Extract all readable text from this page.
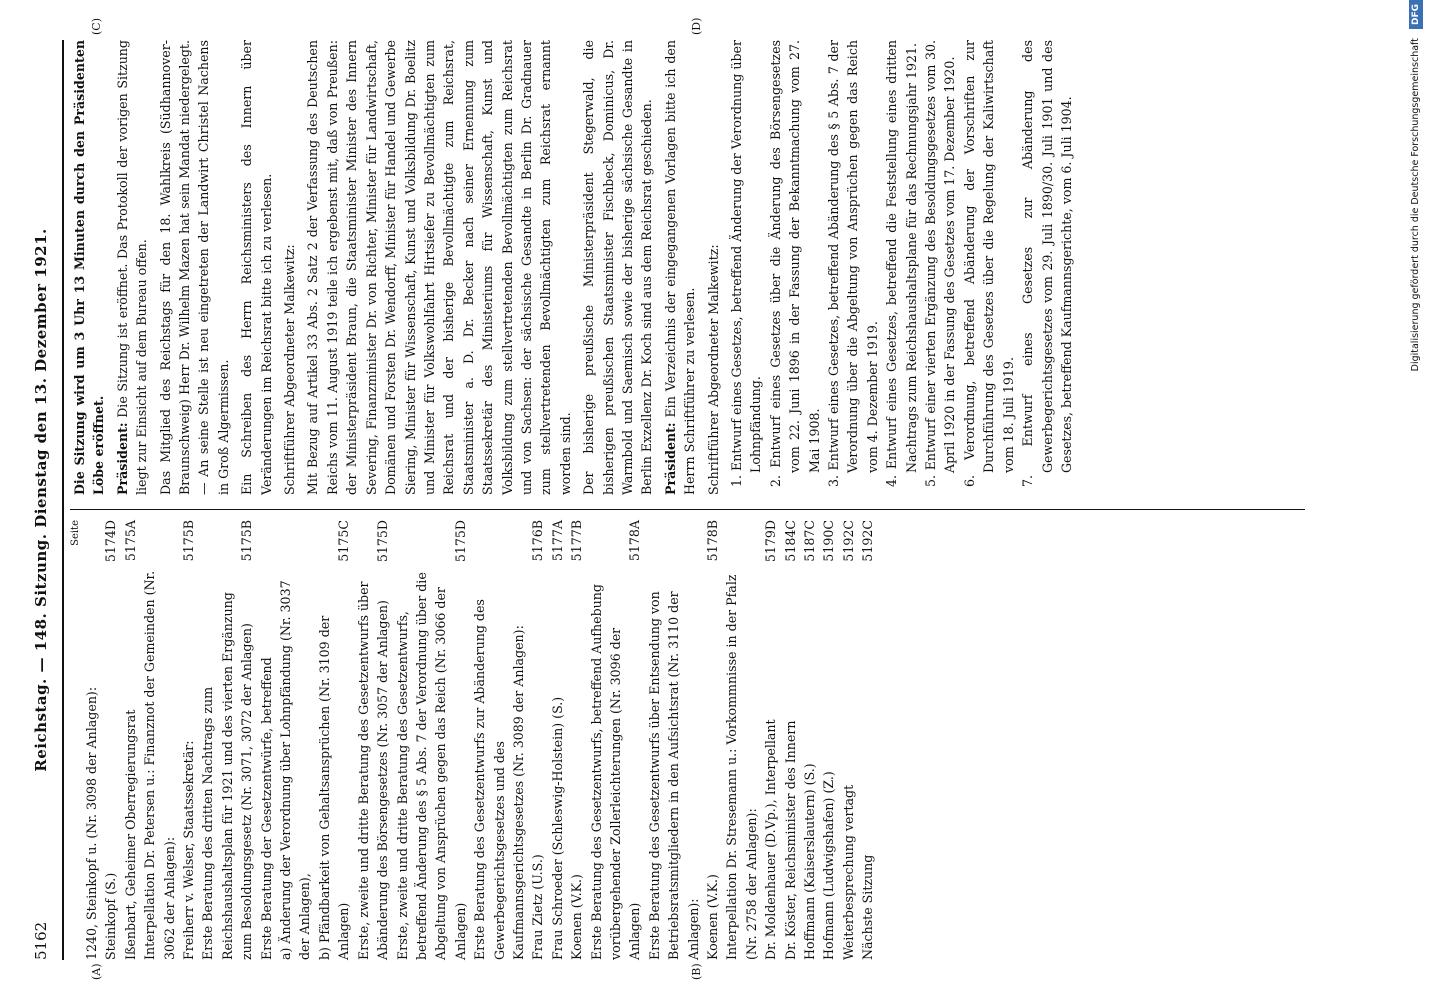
5162
Reichstag. — 148. Sitzung. Dienstag den 13. Dezember 1921.
(A)	(B)
(C)	(D)
Seite
1240, Steinkopf u. (Nr. 3098 der Anlagen): Steinkopf (S.)
5174D
Ißenbart, Geheimer Oberregierungsrat
5175A
Interpellation Dr. Petersen u.: Finanznot der Gemeinden (Nr. 3062 der Anlagen): Freiherr v. Welser, Staatssekretär:
5175B
Erste Beratung des dritten Nachtrags zum Reichshaushaltsplan für 1921 und des vierten Ergänzung zum Besoldungsgesetz (Nr. 3071, 3072 der Anlagen)
5175B
Erste Beratung der Gesetzentwürfe, betreffend a) Änderung der Verordnung über Lohnpfändung (Nr. 3037 der Anlagen), b) Pfändbarkeit von Gehaltsansprüchen (Nr. 3109 der Anlagen)
5175C
Erste, zweite und dritte Beratung des Gesetzentwurfs über Abänderung des Börsengesetzes (Nr. 3057 der Anlagen)
5175D
Erste, zweite und dritte Beratung des Gesetzentwurfs, betreffend Änderung des § 5 Abs. 7 der Verordnung über die Abgeltung von Ansprüchen gegen das Reich (Nr. 3066 der Anlagen)
5175D
Erste Beratung des Gesetzentwurfs zur Abänderung des Gewerbegerichtsgesetzes und des Kaufmannsgerichtsgesetzes (Nr. 3089 der Anlagen): Frau Zietz (U.S.)
5176B
Frau Schroeder (Schleswig-Holstein) (S.)
5177A
Koenen (V.K.)
5177B
Erste Beratung des Gesetzentwurfs, betreffend Aufhebung vorübergehender Zollerleichterungen (Nr. 3096 der Anlagen)
5178A
Erste Beratung des Gesetzentwurfs über Entsendung von Betriebsratsmitgliedern in den Aufsichtsrat (Nr. 3110 der Anlagen): Koenen (V.K.)
5178B
Interpellation Dr. Stresemann u.: Vorkommnisse in der Pfalz (Nr. 2758 der Anlagen): Dr. Moldenhauer (D.Vp.), Interpellant
5179D
Dr. Köster, Reichsminister des Innern
5184C
Hoffmann (Kaiserslautern) (S.)
5187C
Hofmann (Ludwigshafen) (Z.)
5190C
Weiterbesprechung vertagt
5192C
Nächste Sitzung
5192C

Die Sitzung wird um 3 Uhr 13 Minuten durch den Präsidenten Löbe eröffnet. Präsident: Die Sitzung ist eröffnet. Das Protokoll der vorigen Sitzung liegt zur Einsicht auf dem Bureau offen. Das Mitglied des Reichstags für den 18. Wahlkreis (Südhannover-Braunschweig) Herr Dr. Wilhelm Mazen hat sein Mandat niedergelegt. — An seine Stelle ist neu eingetreten der Landwirt Christel Nachens in Groß Algermissen. Ein Schreiben des Herrn Reichsministers des Innern über Veränderungen im Reichsrat bitte ich zu verlesen. Schriftführer Abgeordneter Malkewitz: Mit Bezug auf Artikel 33 Abs. 2 Satz 2 der Verfassung des Deutschen Reichs vom 11. August 1919 teile ich ergebenst mit, daß von Preußen: der Ministerpräsident Braun, die Staatsminister Minister des Innern Severing, Finanzminister Dr. von Richter, Minister für Landwirtschaft, Domänen und Forsten Dr. Wendorff, Minister für Handel und Gewerbe Siering, Minister für Wissenschaft, Kunst und Volksbildung Dr. Boelitz und Minister für Volkswohlfahrt Hirtsiefer zu Bevollmächtigten zum Reichsrat und der bisherige Bevollmächtigte zum Reichsrat, Staatsminister a. D. Dr. Becker nach seiner Ernennung zum Staatssekretär des Ministeriums für Wissenschaft, Kunst und Volksbildung zum stellvertretenden Bevollmächtigten zum Reichsrat und von Sachsen: der sächsische Gesandte in Berlin Dr. Gradnauer zum stellvertretenden Bevollmächtigten zum Reichsrat ernannt worden sind. Der bisherige preußische Ministerpräsident Stegerwald, die bisherigen preußischen Staatsminister Fischbeck, Dominicus, Dr. Warmbold und Saemisch sowie der bisherige sächsische Gesandte in Berlin Exzellenz Dr. Koch sind aus dem Reichsrat geschieden. Präsident: Ein Verzeichnis der eingegangenen Vorlagen bitte ich den Herrn Schriftführer zu verlesen. Schriftführer Abgeordneter Malkewitz: 1. Entwurf eines Gesetzes, betreffend Änderung der Verordnung über Lohnpfändung. 2. Entwurf eines Gesetzes über die Änderung des Börsengesetzes vom 22. Juni 1896 in der Fassung der Bekanntmachung vom 27. Mai 1908. 3. Entwurf eines Gesetzes, betreffend Abänderung des § 5 Abs. 7 der Verordnung über die Abgeltung von Ansprüchen gegen das Reich vom 4. Dezember 1919. 4. Entwurf eines Gesetzes, betreffend die Feststellung eines dritten Nachtrags zum Reichshaushaltsplane für das Rechnungsjahr 1921. 5. Entwurf einer vierten Ergänzung des Besoldungsgesetzes vom 30. April 1920 in der Fassung des Gesetzes vom 17. Dezember 1920. 6. Verordnung, betreffend Abänderung der Vorschriften zur Durchführung des Gesetzes über die Regelung der Kaliwirtschaft vom 18. Juli 1919. 7. Entwurf eines Gesetzes zur Abänderung des Gewerbegerichtsgesetzes vom 29. Juli 1890/30. Juli 1901 und des Gesetzes, betreffend Kaufmannsgerichte, vom 6. Juli 1904.	Digitalisierung gefördert durch die Deutsche Forschungsgemeinschaft DFG
